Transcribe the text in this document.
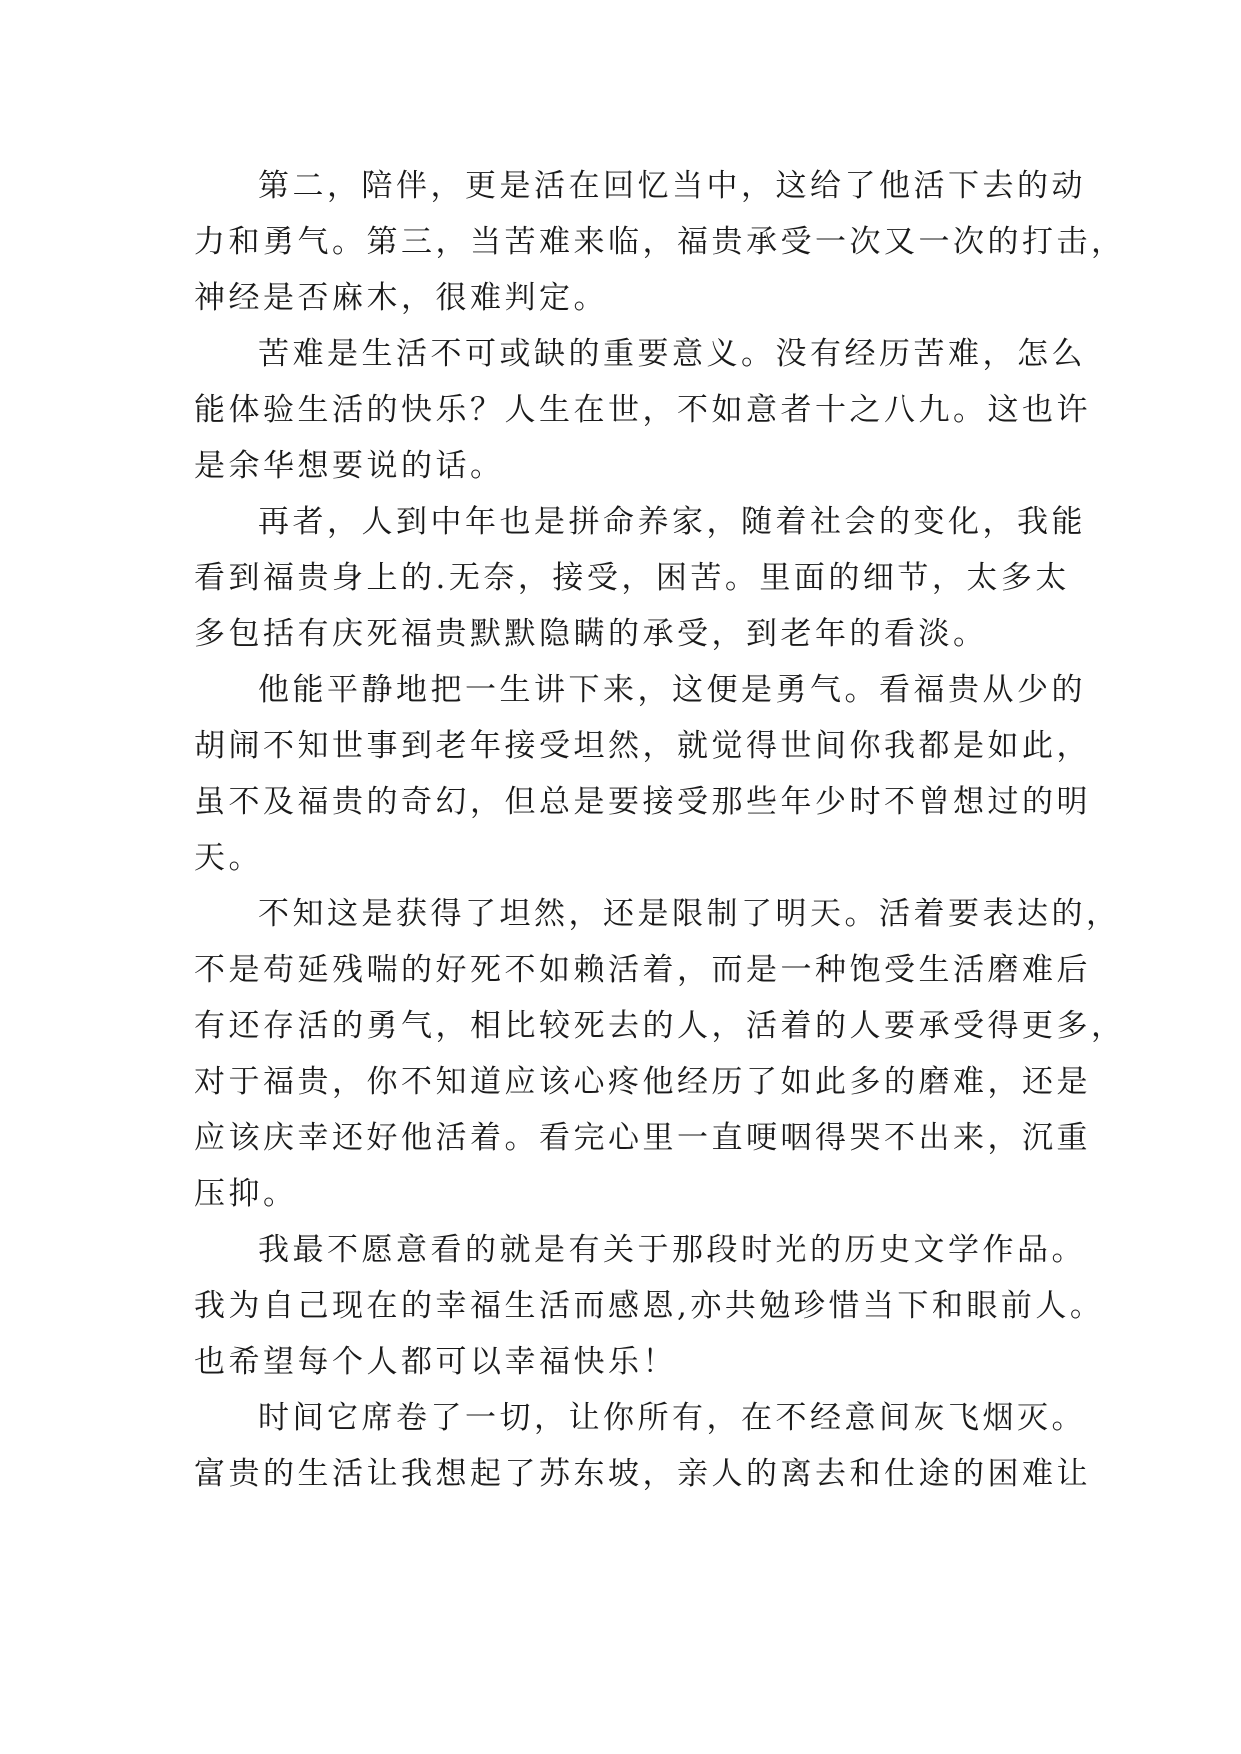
第二，陪伴，更是活在回忆当中，这给了他活下去的动
力和勇气。第三，当苦难来临，福贵承受一次又一次的打击，
神经是否麻木，很难判定。
苦难是生活不可或缺的重要意义。没有经历苦难，怎么
能体验生活的快乐？人生在世，不如意者十之八九。这也许
是余华想要说的话。
再者，人到中年也是拼命养家，随着社会的变化，我能
看到福贵身上的.无奈，接受，困苦。里面的细节，太多太
多包括有庆死福贵默默隐瞒的承受，到老年的看淡。
他能平静地把一生讲下来，这便是勇气。看福贵从少的
胡闹不知世事到老年接受坦然，就觉得世间你我都是如此，
虽不及福贵的奇幻，但总是要接受那些年少时不曾想过的明
天。
不知这是获得了坦然，还是限制了明天。活着要表达的，
不是苟延残喘的好死不如赖活着，而是一种饱受生活磨难后
有还存活的勇气，相比较死去的人，活着的人要承受得更多，
对于福贵，你不知道应该心疼他经历了如此多的磨难，还是
应该庆幸还好他活着。看完心里一直哽咽得哭不出来，沉重
压抑。
我最不愿意看的就是有关于那段时光的历史文学作品。
我为自己现在的幸福生活而感恩,亦共勉珍惜当下和眼前人。
也希望每个人都可以幸福快乐！
时间它席卷了一切，让你所有，在不经意间灰飞烟灭。
富贵的生活让我想起了苏东坡，亲人的离去和仕途的困难让
